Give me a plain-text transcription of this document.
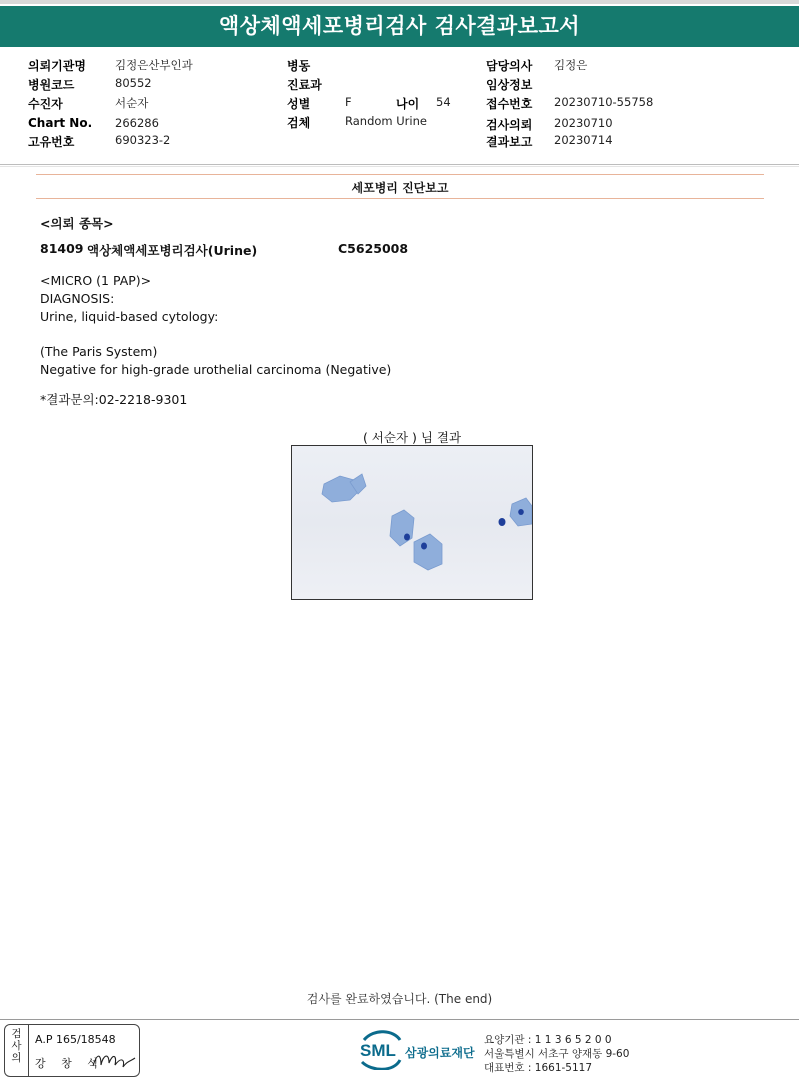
액상체액세포병리검사 검사결과보고서
의뢰기관명	김정은산부인과
병원코드	80552
수진자	서순자
Chart No. 266286
고유번호	690323-2
병동
진료과
성별	F	나이 54
검체	Random Urine
담당의사 김정은
임상정보
접수번호 20230710-55758
검사의뢰 20230710
결과보고 20230714
세포병리 진단보고
<의뢰 종목>
81409 액상체액세포병리검사(Urine)	C5625008
<MICRO (1 PAP)>
DIAGNOSIS:
Urine, liquid-based cytology:
(The Paris System)
Negative for high-grade urothelial carcinoma (Negative)
*결과문의:02-2218-9301
( 서순자 ) 님 결과
검사를 완료하였습니다. (The end)
검
사
의
A.P 165/18548
강 창 석
SML 삼광의료재단
요양기관 : 1 1 3 6 5 2 0 0
서울특별시 서초구 양재동 9-60
대표번호 : 1661-5117
